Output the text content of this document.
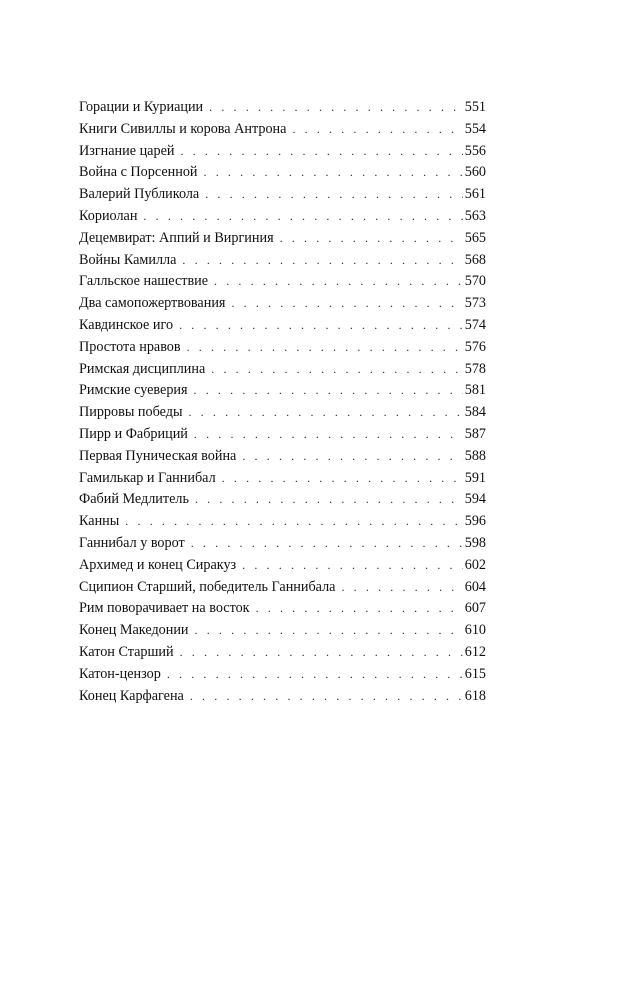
Горации и Куриации . . .	551
Книги Сивиллы и корова Антрона . . .	554
Изгнание царей . . .	556
Война с Порсенной . . .	560
Валерий Публикола . . .	561
Кориолан . . .	563
Децемвират: Аппий и Виргиния . . .	565
Войны Камилла . . .	568
Галльское нашествие . . .	570
Два самопожертвования . . .	573
Кавдинское иго . . .	574
Простота нравов . . .	576
Римская дисциплина . . .	578
Римские суеверия . . .	581
Пирровы победы . . .	584
Пирр и Фабриций . . .	587
Первая Пуническая война . . .	588
Гамилькар и Ганнибал . . .	591
Фабий Медлитель . . .	594
Канны . . .	596
Ганнибал у ворот . . .	598
Архимед и конец Сиракуз . . .	602
Сципион Старший, победитель Ганнибала . . .	604
Рим поворачивает на восток . . .	607
Конец Македонии . . .	610
Катон Старший . . .	612
Катон-цензор . . .	615
Конец Карфагена . . .	618
